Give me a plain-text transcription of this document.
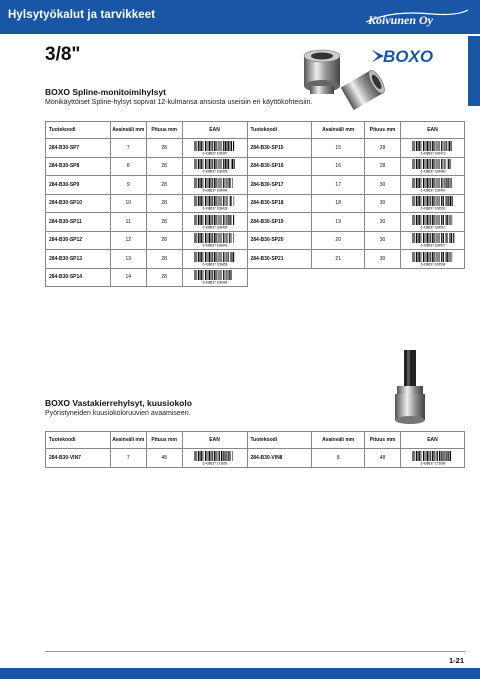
Hylsytyökalut ja tarvikkeet	Koivunen Oy
3/8"	BOXO
BOXO Spline-monitoimihylsyt
Monikäyttöiset Spline-hylsyt sopivat 12-kulmansa ansiosta useisiin eri käyttökohteisiin.
Tuotekoodi	Avainväli mm	Pituus mm	EAN	Tuotekoodi	Avainväli mm	Pituus mm	EAN
284-B30-SP7	7	28	6 438637 108397	284-B30-SP15	15	28	6 438637 108473

284-B30-SP8	8	28	6 438637 108359	284-B30-SP16	16	28	6 438637 108480

284-B30-SP9	9	28	6 438637 108404	284-B30-SP17	17	30	6 438637 108497

284-B30-SP10	10	28	6 438637 108428	284-B30-SP18	18	30	6 438637 108503

284-B30-SP11	11	28	6 438637 108435	284-B30-SP19	19	30	6 438637 108510

284-B30-SP12	12	28	6 438637 108442	284-B30-SP20	20	30	6 438637 108527

284-B30-SP13	13	28	6 438637 108459	284-B30-SP21	21	30	6 438637 108534

284-B30-SP14	14	28	6 438637 108466				

BOXO Vastakierrehylsyt, kuusiokolo
Pyöristyneiden kuusiokoloruuvien avaamiseen.
Tuotekoodi	Avainväli mm	Pituus mm	EAN	Tuotekoodi	Avainväli mm	Pituus mm	EAN
284-B30-VIN7	7	48	6 438637 173692	284-B30-VIN8	8	48	6 438637 173699
1-21
